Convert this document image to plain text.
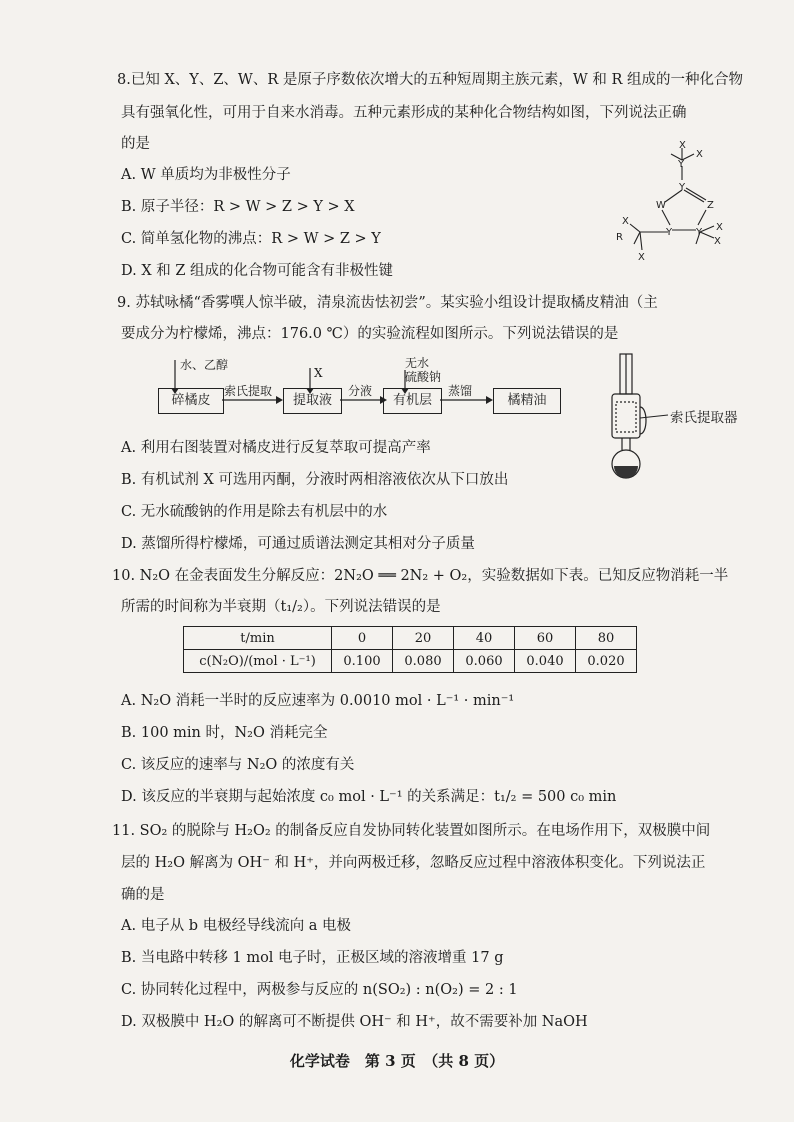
8.已知 X、Y、Z、W、R 是原子序数依次增大的五种短周期主族元素，W 和 R 组成的一种化合物
具有强氧化性，可用于自来水消毒。五种元素形成的某种化合物结构如图，下列说法正确
的是
A. W 单质均为非极性分子
B. 原子半径：R > W > Z > Y > X
C. 简单氢化物的沸点：R > W > Z > Y
D. X 和 Z 组成的化合物可能含有非极性键
X
Y
X
Y
W	Z
X
Y
Y
X
R
X
X
9. 苏轼咏橘“香雾噀人惊半破，清泉流齿怯初尝”。某实验小组设计提取橘皮精油（主
要成分为柠檬烯，沸点：176.0 ℃）的实验流程如图所示。下列说法错误的是
水、乙醇
碎橘皮
索氏提取
X
提取液
分液
无水
硫酸钠
有机层
蒸馏
橘精油
索氏提取器
A. 利用右图装置对橘皮进行反复萃取可提高产率
B. 有机试剂 X 可选用丙酮，分液时两相溶液依次从下口放出
C. 无水硫酸钠的作用是除去有机层中的水
D. 蒸馏所得柠檬烯，可通过质谱法测定其相对分子质量
10. N₂O 在金表面发生分解反应：2N₂O ══ 2N₂ + O₂，实验数据如下表。已知反应物消耗一半
所需的时间称为半衰期（t₁/₂）。下列说法错误的是
t/min	0	20	40	60	80
c(N₂O)/(mol · L⁻¹)	0.100	0.080	0.060	0.040	0.020
A. N₂O 消耗一半时的反应速率为 0.0010 mol · L⁻¹ · min⁻¹
B. 100 min 时，N₂O 消耗完全
C. 该反应的速率与 N₂O 的浓度有关
D. 该反应的半衰期与起始浓度 c₀ mol · L⁻¹ 的关系满足：t₁/₂ = 500 c₀ min
11. SO₂ 的脱除与 H₂O₂ 的制备反应自发协同转化装置如图所示。在电场作用下，双极膜中间
层的 H₂O 解离为 OH⁻ 和 H⁺，并向两极迁移，忽略反应过程中溶液体积变化。下列说法正
确的是
A. 电子从 b 电极经导线流向 a 电极
B. 当电路中转移 1 mol 电子时，正极区域的溶液增重 17 g
C. 协同转化过程中，两极参与反应的 n(SO₂) : n(O₂) = 2 : 1
D. 双极膜中 H₂O 的解离可不断提供 OH⁻ 和 H⁺，故不需要补加 NaOH
化学试卷　第 3 页　（共 8 页）
